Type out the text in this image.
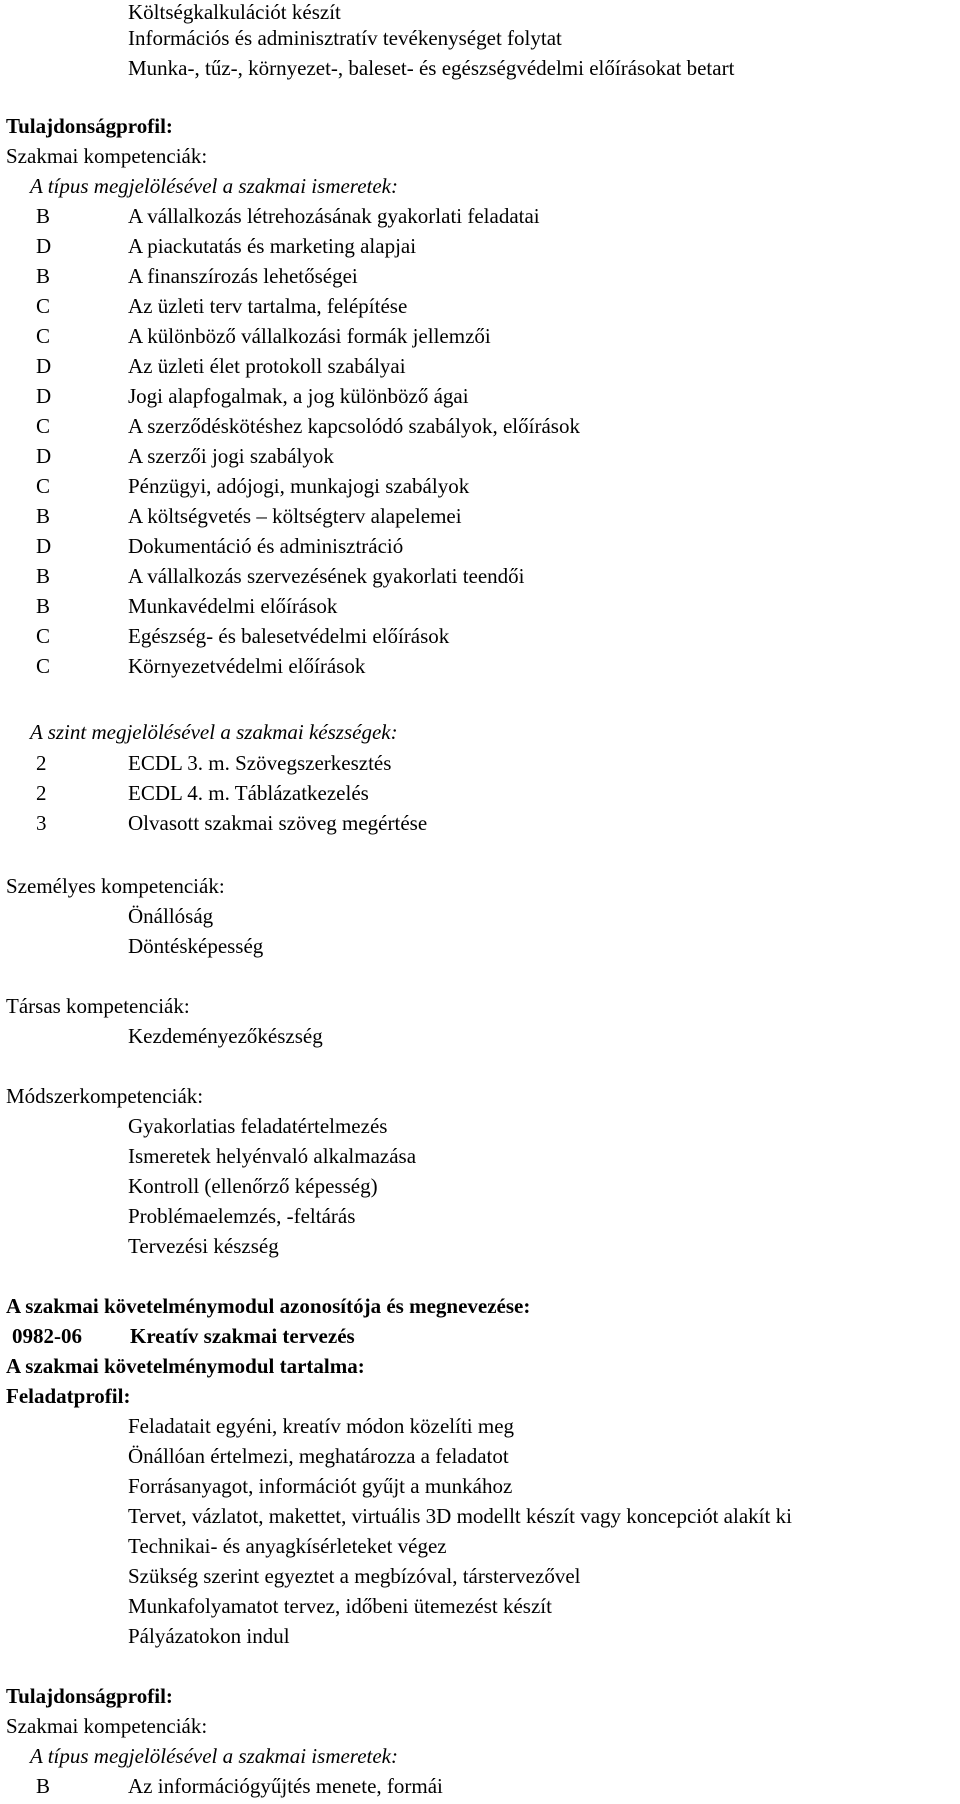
Költségkalkulációt készít
Információs és adminisztratív tevékenységet folytat
Munka-, tűz-, környezet-, baleset- és egészségvédelmi előírásokat betart
Tulajdonságprofil:
Szakmai kompetenciák:
A típus megjelölésével a szakmai ismeretek:
B	A vállalkozás létrehozásának gyakorlati feladatai
D	A piackutatás és marketing alapjai
B	A finanszírozás lehetőségei
C	Az üzleti terv tartalma, felépítése
C	A különböző vállalkozási formák jellemzői
D	Az üzleti élet protokoll szabályai
D	Jogi alapfogalmak, a jog különböző ágai
C	A szerződéskötéshez kapcsolódó szabályok, előírások
D	A szerzői jogi szabályok
C	Pénzügyi, adójogi, munkajogi szabályok
B	A költségvetés – költségterv alapelemei
D	Dokumentáció és adminisztráció
B	A vállalkozás szervezésének gyakorlati teendői
B	Munkavédelmi előírások
C	Egészség- és balesetvédelmi előírások
C	Környezetvédelmi előírások
A szint megjelölésével a szakmai készségek:
2	ECDL 3. m. Szövegszerkesztés
2	ECDL 4. m. Táblázatkezelés
3	Olvasott szakmai szöveg megértése
Személyes kompetenciák:
Önállóság
Döntésképesség
Társas kompetenciák:
Kezdeményezőkészség
Módszerkompetenciák:
Gyakorlatias feladatértelmezés
Ismeretek helyénvaló alkalmazása
Kontroll (ellenőrző képesség)
Problémaelemzés, -feltárás
Tervezési készség
A szakmai követelménymodul azonosítója és megnevezése:
0982-06 Kreatív szakmai tervezés
A szakmai követelménymodul tartalma:
Feladatprofil:
Feladatait egyéni, kreatív módon közelíti meg
Önállóan értelmezi, meghatározza a feladatot
Forrásanyagot, információt gyűjt a munkához
Tervet, vázlatot, makettet, virtuális 3D modellt készít vagy koncepciót alakít ki
Technikai- és anyagkísérleteket végez
Szükség szerint egyeztet a megbízóval, társtervezővel
Munkafolyamatot tervez, időbeni ütemezést készít
Pályázatokon indul
Tulajdonságprofil:
Szakmai kompetenciák:
A típus megjelölésével a szakmai ismeretek:
B	Az információgyűjtés menete, formái
